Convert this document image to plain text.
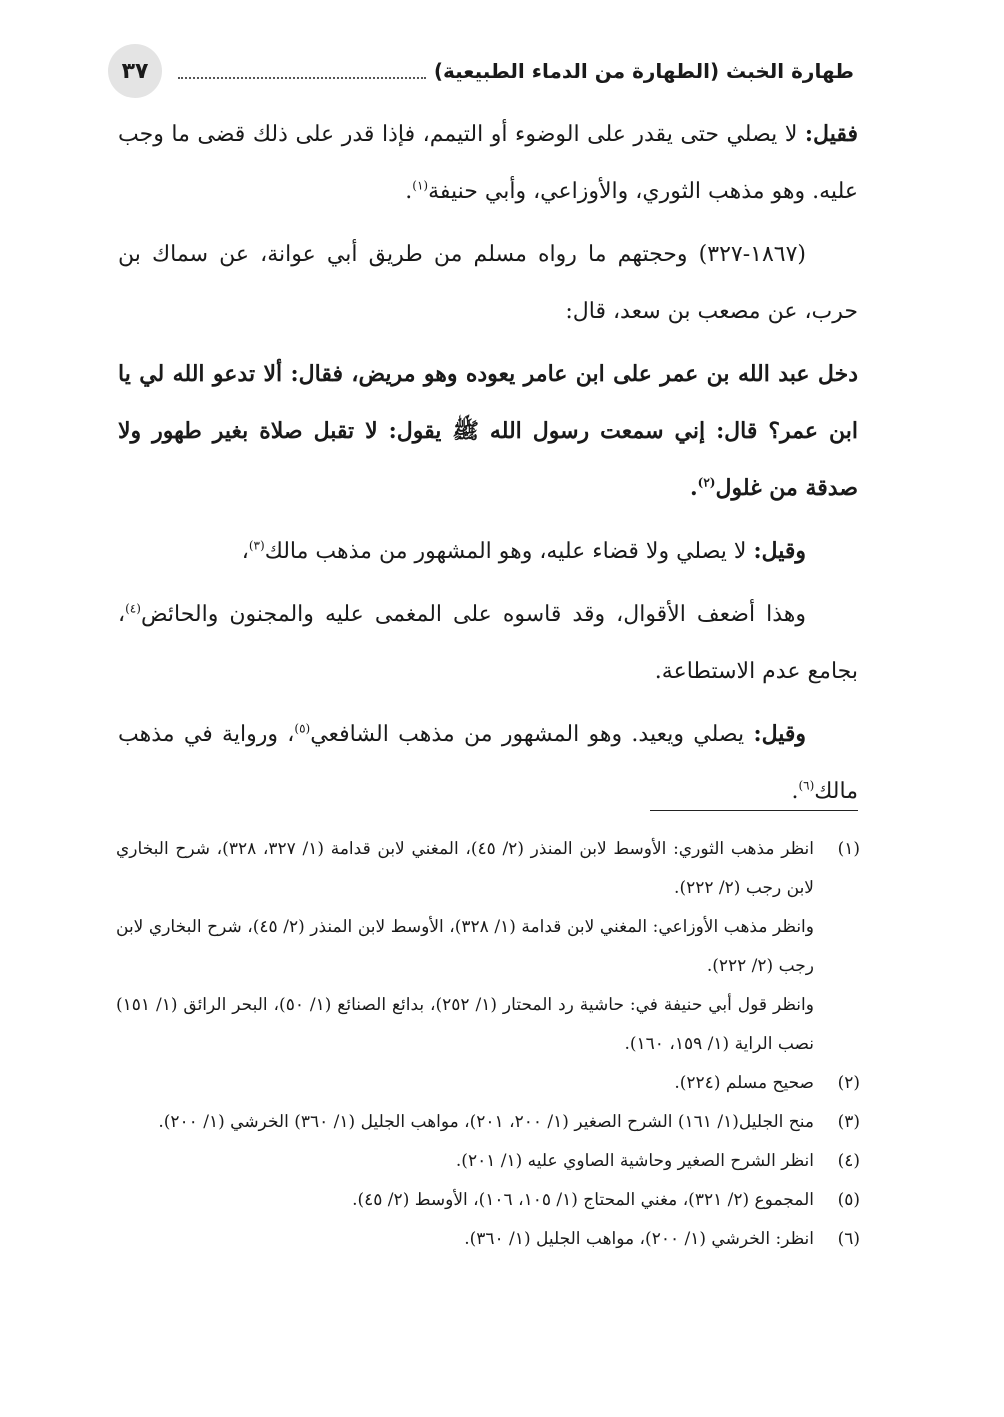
طهارة الخبث (الطهارة من الدماء الطبيعية)
٣٧

فقيل: لا يصلي حتى يقدر على الوضوء أو التيمم، فإذا قدر على ذلك قضى ما وجب عليه. وهو مذهب الثوري، والأوزاعي، وأبي حنيفة$^{(١)}$.

(١٨٦٧-٣٢٧) وحجتهم ما رواه مسلم من طريق أبي عوانة، عن سماك بن حرب، عن مصعب بن سعد، قال:

دخل عبد الله بن عمر على ابن عامر يعوده وهو مريض، فقال: ألا تدعو الله لي يا ابن عمر؟ قال: إني سمعت رسول الله ﷺ يقول: لا تقبل صلاة بغير طهور ولا صدقة من غلول$^{(٢)}$.

وقيل: لا يصلي ولا قضاء عليه، وهو المشهور من مذهب مالك$^{(٣)}$،

وهذا أضعف الأقوال، وقد قاسوه على المغمى عليه والمجنون والحائض$^{(٤)}$، بجامع عدم الاستطاعة.

وقيل: يصلي ويعيد. وهو المشهور من مذهب الشافعي$^{(٥)}$، ورواية في مذهب مالك$^{(٦)}$.

(١)
انظر مذهب الثوري: الأوسط لابن المنذر (٢/ ٤٥)، المغني لابن قدامة (١/ ٣٢٧، ٣٢٨)، شرح البخاري لابن رجب (٢/ ٢٢٢).
وانظر مذهب الأوزاعي: المغني لابن قدامة (١/ ٣٢٨)، الأوسط لابن المنذر (٢/ ٤٥)، شرح البخاري لابن رجب (٢/ ٢٢٢).
وانظر قول أبي حنيفة في: حاشية رد المحتار (١/ ٢٥٢)، بدائع الصنائع (١/ ٥٠)، البحر الرائق (١/ ١٥١) نصب الراية (١/ ١٥٩، ١٦٠).
(٢)
صحيح مسلم (٢٢٤).
(٣)
منح الجليل(١/ ١٦١) الشرح الصغير (١/ ٢٠٠، ٢٠١)، مواهب الجليل (١/ ٣٦٠) الخرشي (١/ ٢٠٠).
(٤)
انظر الشرح الصغير وحاشية الصاوي عليه (١/ ٢٠١).
(٥)
المجموع (٢/ ٣٢١)، مغني المحتاج (١/ ١٠٥، ١٠٦)، الأوسط (٢/ ٤٥).
(٦)
انظر: الخرشي (١/ ٢٠٠)، مواهب الجليل (١/ ٣٦٠).
